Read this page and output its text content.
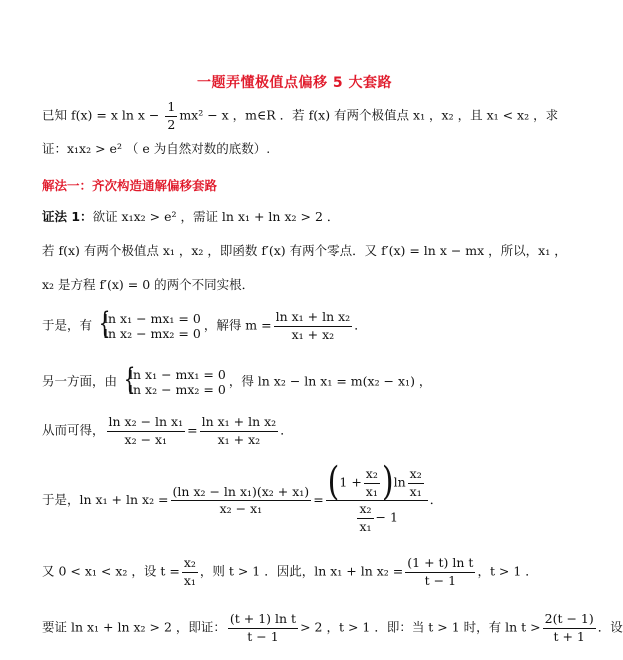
一题弄懂极值点偏移 5 大套路
已知 f(x) = x $\ln x - \frac{1}{2} mx^2 - x$ ，m∈R ．若 f(x) 有两个极值点 x₁ ，x₂ ，且 x₁ < x₂ ，求
证：x₁x₂ > e² （ e 为自然对数的底数）.
解法一：齐次构造通解偏移套路
证法 1：欲证 x₁x₂ > e² ，需证 ln x₁ + ln x₂ > 2 ．
若 f(x) 有两个极值点 x₁ ，x₂ ，即函数 f′(x) 有两个零点．又 f′(x) = ln x − mx ，所以，x₁ ，
x₂ 是方程 f′(x) = 0 的两个不同实根．
于是，有 {
ln x₁ − mx₁ = 0
ln x₂ − mx₂ = 0
，解得 $m = \frac{\text{ln x₁ + ln x₂}}{\text{x₁ + x₂}}$ ．
另一方面，由 {
ln x₁ − mx₁ = 0
ln x₂ − mx₂ = 0
，得 ln x₂ − ln x₁ = m(x₂ − x₁) ，
从而可得， $\frac{\text{ln x₂ − ln x₁}}{\text{x₂ − x₁}} = \frac{\text{ln x₁ + ln x₂}}{\text{x₁ + x₂}}$ ．
于是，$\ln x_1 + \ln x_2 = \frac{\text{(ln x₂ − ln x₁)(x₂ + x₁)}}{\text{x₂ − x₁}} = \frac{(1 + \frac{\text{x₂}}{\text{x₁}} )\ln \frac{\text{x₂}}{\text{x₁}}}{\frac{\text{x₂}}{\text{x₁}} - 1}$ ．
又 0 < x₁ < x₂ ，设 $t = \frac{\text{x₂}}{\text{x₁}}$ ，则 t > 1 ．因此，$\ln x_1 + \ln x_2 = \frac{\text{(1 + t) ln t}}{t - 1}$ ，t > 1 ．
要证 ln x₁ + ln x₂ > 2 ，即证： $\frac{\text{(t + 1) ln t}}{t - 1} > 2$ ，t > 1 ．即：当 t > 1 时，有 $\ln t > \frac{2(t - 1)}{t + 1}$ ．设
